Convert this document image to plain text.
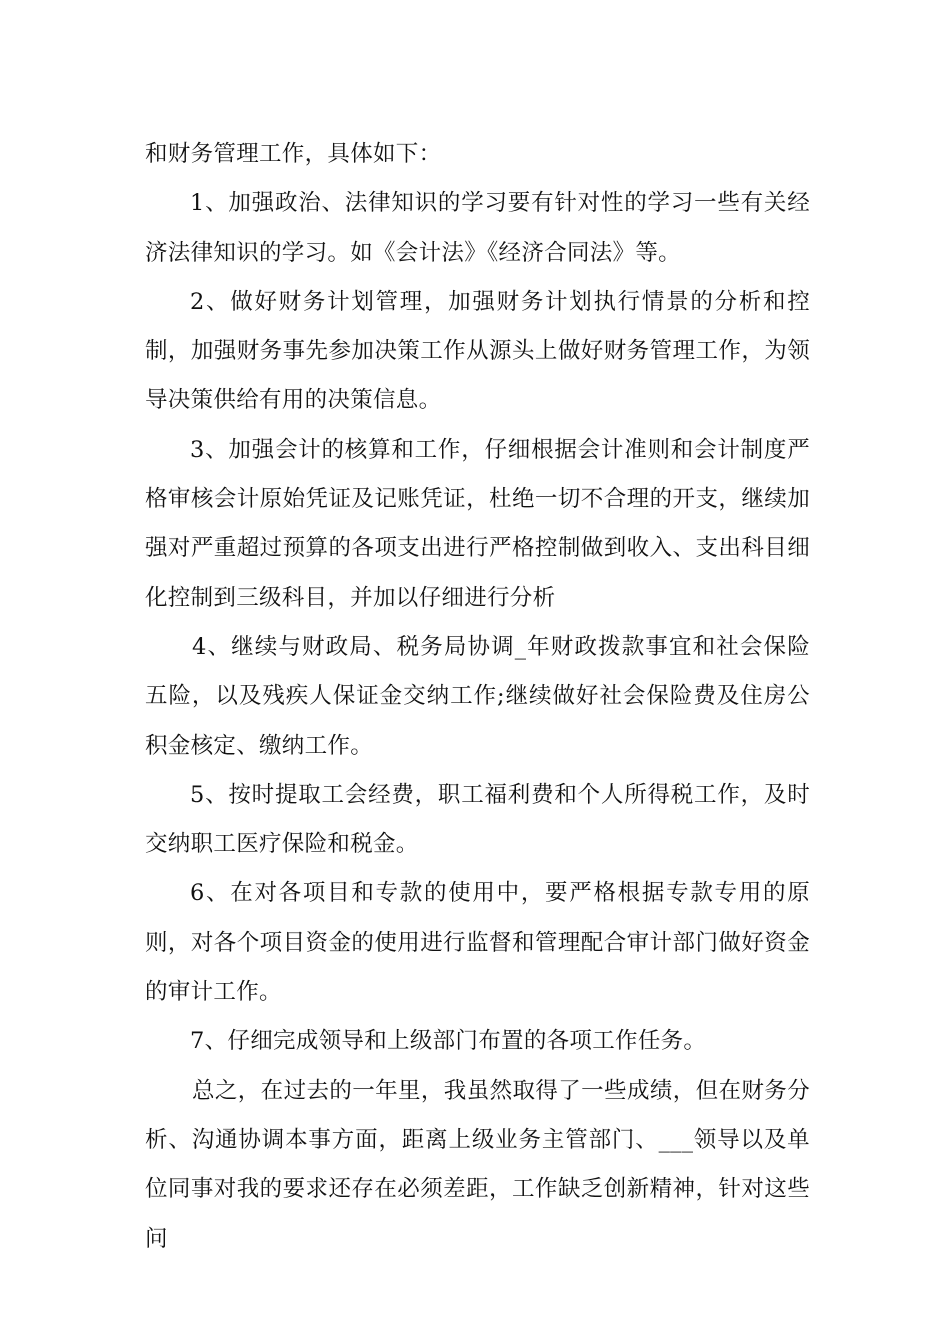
和财务管理工作，具体如下：

1、加强政治、法律知识的学习要有针对性的学习一些有关经济法律知识的学习。如《会计法》《经济合同法》等。

2、做好财务计划管理，加强财务计划执行情景的分析和控制，加强财务事先参加决策工作从源头上做好财务管理工作，为领导决策供给有用的决策信息。

3、加强会计的核算和工作，仔细根据会计准则和会计制度严格审核会计原始凭证及记账凭证，杜绝一切不合理的开支，继续加强对严重超过预算的各项支出进行严格控制做到收入、支出科目细化控制到三级科目，并加以仔细进行分析

4、继续与财政局、税务局协调_年财政拨款事宜和社会保险五险，以及残疾人保证金交纳工作;继续做好社会保险费及住房公积金核定、缴纳工作。

5、按时提取工会经费，职工福利费和个人所得税工作，及时交纳职工医疗保险和税金。

6、在对各项目和专款的使用中，要严格根据专款专用的原则，对各个项目资金的使用进行监督和管理配合审计部门做好资金的审计工作。

7、仔细完成领导和上级部门布置的各项工作任务。

总之，在过去的一年里，我虽然取得了一些成绩，但在财务分析、沟通协调本事方面，距离上级业务主管部门、___领导以及单位同事对我的要求还存在必须差距，工作缺乏创新精神，针对这些问
